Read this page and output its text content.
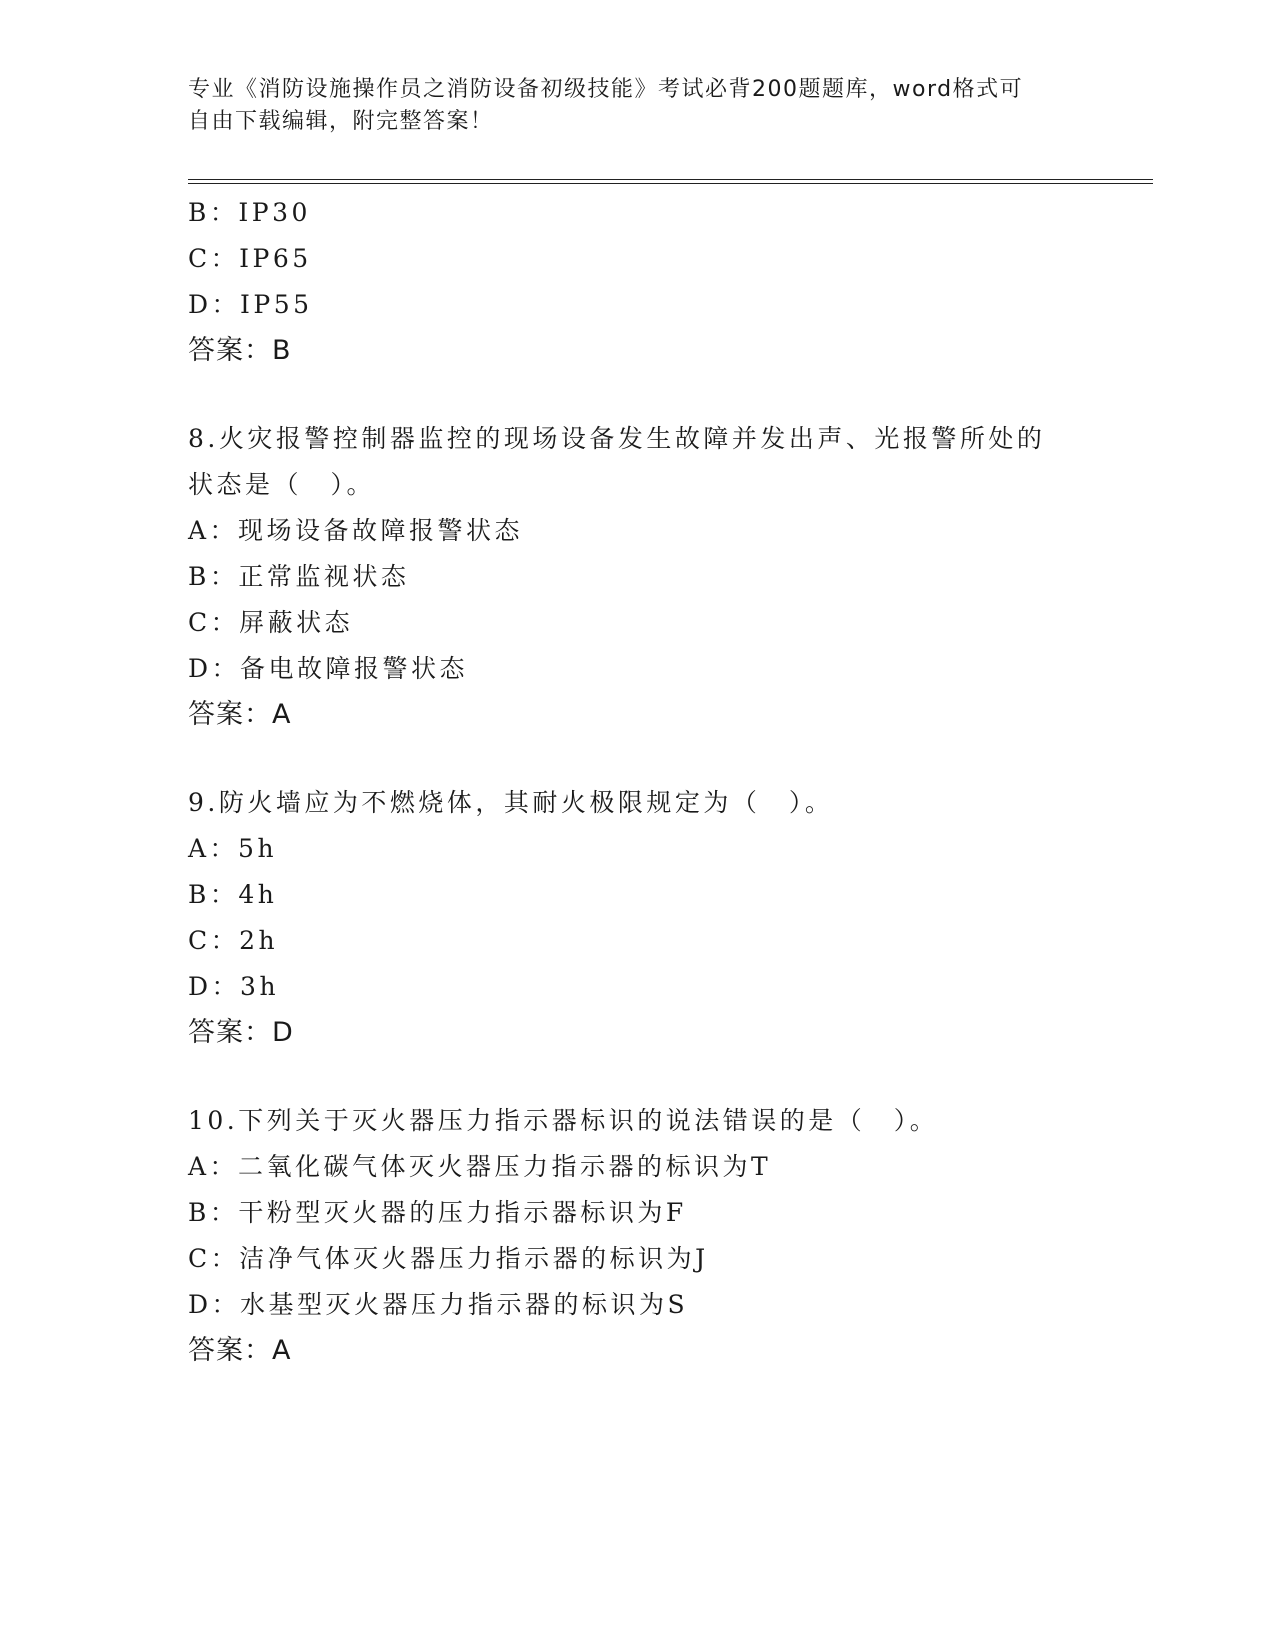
专业《消防设施操作员之消防设备初级技能》考试必背200题题库，word格式可
自由下载编辑，附完整答案！
B：IP30
C：IP65
D：IP55
答案：B
8.火灾报警控制器监控的现场设备发生故障并发出声、光报警所处的
状态是（　）。
A：现场设备故障报警状态
B：正常监视状态
C：屏蔽状态
D：备电故障报警状态
答案：A
9.防火墙应为不燃烧体，其耐火极限规定为（　）。
A：5h
B：4h
C：2h
D：3h
答案：D
10.下列关于灭火器压力指示器标识的说法错误的是（　）。
A：二氧化碳气体灭火器压力指示器的标识为T
B：干粉型灭火器的压力指示器标识为F
C：洁净气体灭火器压力指示器的标识为J
D：水基型灭火器压力指示器的标识为S
答案：A
